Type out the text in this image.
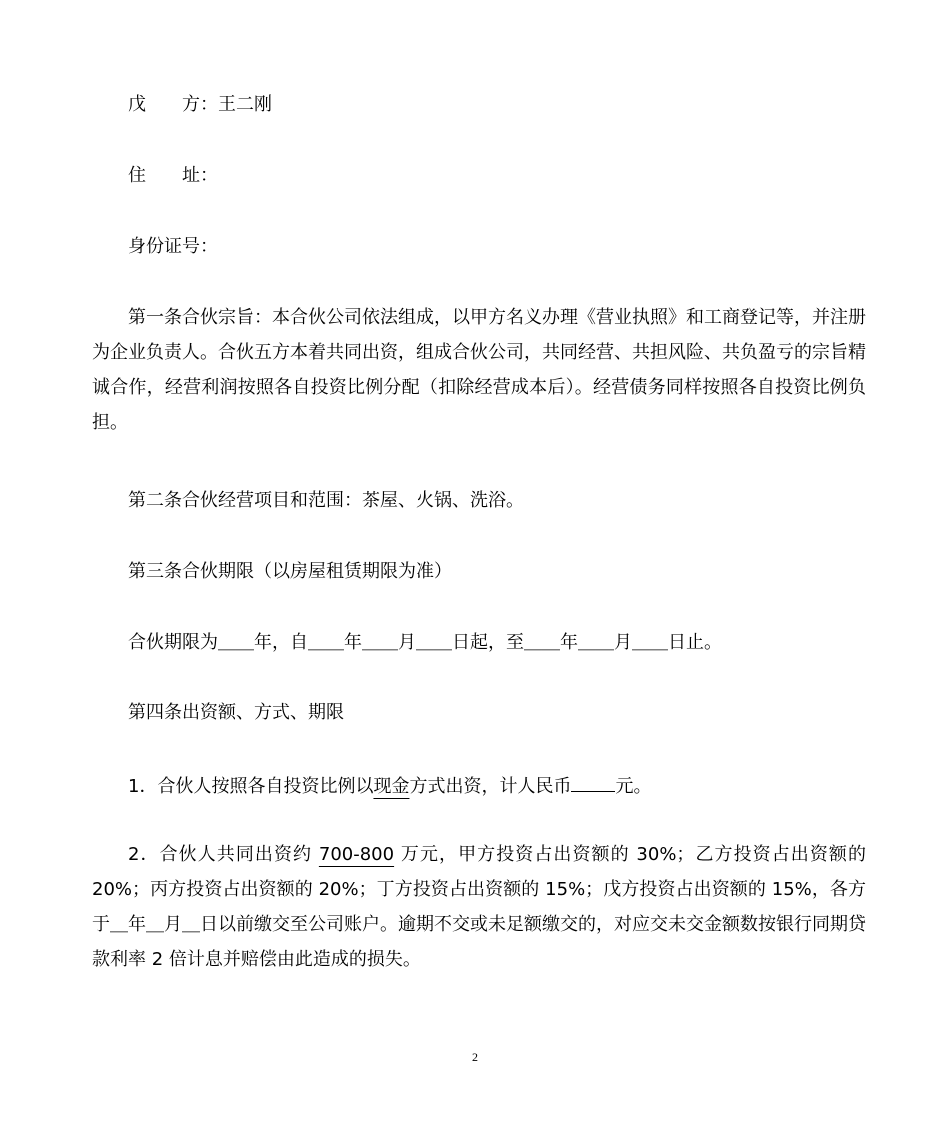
戊　　方：王二刚
住　　址：
身份证号：
第一条合伙宗旨：本合伙公司依法组成，以甲方名义办理《营业执照》和工商登记等，并注册为企业负责人。合伙五方本着共同出资，组成合伙公司，共同经营、共担风险、共负盈亏的宗旨精诚合作，经营利润按照各自投资比例分配（扣除经营成本后）。经营债务同样按照各自投资比例负担。
第二条合伙经营项目和范围：茶屋、火锅、洗浴。
第三条合伙期限（以房屋租赁期限为准）
合伙期限为＿＿年，自＿＿年＿＿月＿＿日起，至＿＿年＿＿月＿＿日止。
第四条出资额、方式、期限
1．合伙人按照各自投资比例以现金方式出资，计人民币 元。
2．合伙人共同出资约 700-800 万元，甲方投资占出资额的 30%；乙方投资占出资额的 20%；丙方投资占出资额的 20%；丁方投资占出资额的 15%；戊方投资占出资额的 15%，各方于＿年＿月＿日以前缴交至公司账户。逾期不交或未足额缴交的，对应交未交金额数按银行同期贷款利率 2 倍计息并赔偿由此造成的损失。
2
